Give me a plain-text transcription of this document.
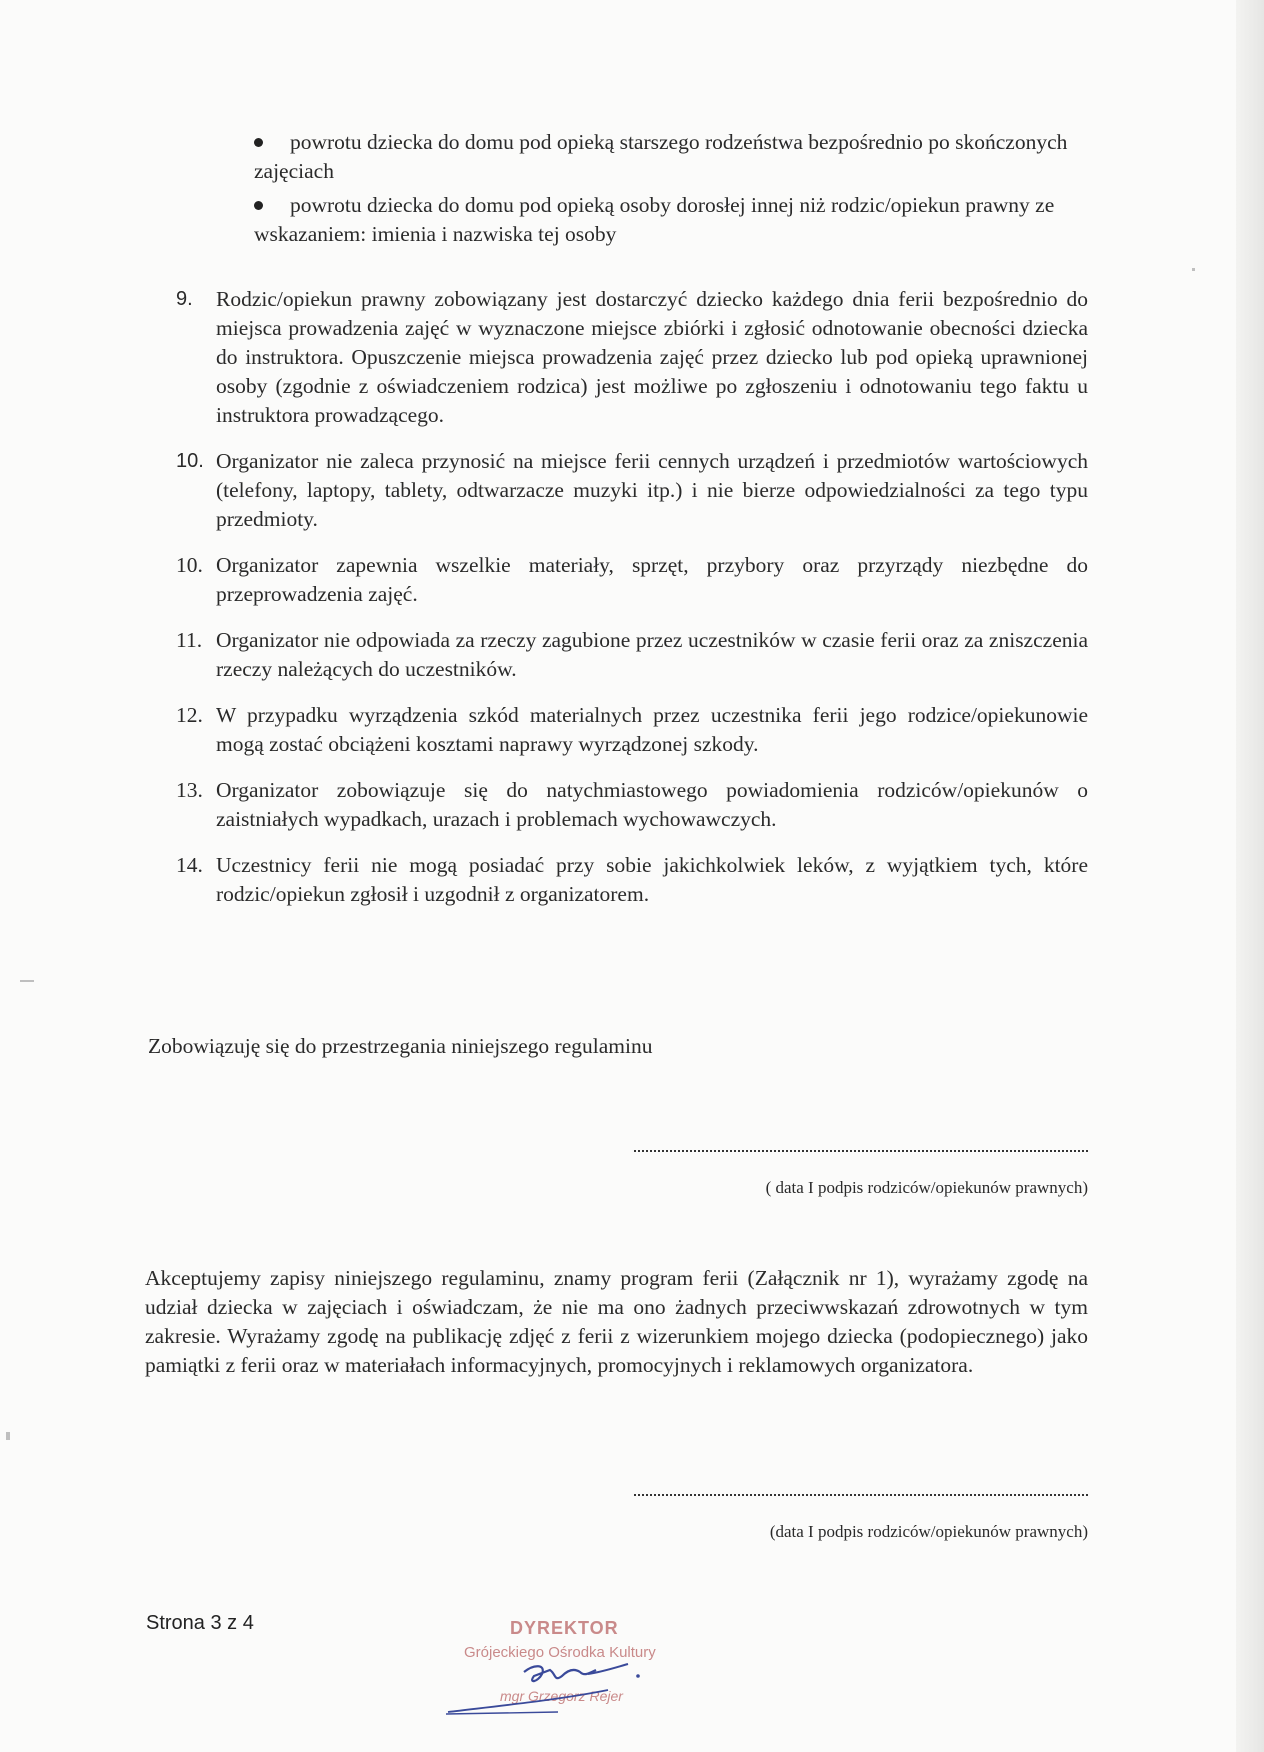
powrotu dziecka do domu pod opieką starszego rodzeństwa bezpośrednio po skończonych zajęciach
powrotu dziecka do domu pod opieką osoby dorosłej innej niż rodzic/opiekun prawny ze wskazaniem: imienia i nazwiska tej osoby
9.	Rodzic/opiekun prawny zobowiązany jest dostarczyć dziecko każdego dnia ferii bezpośrednio do miejsca prowadzenia zajęć w wyznaczone miejsce zbiórki i zgłosić odnotowanie obecności dziecka do instruktora. Opuszczenie miejsca prowadzenia zajęć przez dziecko lub pod opieką uprawnionej osoby (zgodnie z oświadczeniem rodzica) jest możliwe po zgłoszeniu i odnotowaniu tego faktu u instruktora prowadzącego.
10. Organizator nie zaleca przynosić na miejsce ferii cennych urządzeń i przedmiotów wartościowych (telefony, laptopy, tablety, odtwarzacze muzyki itp.) i nie bierze odpowiedzialności za tego typu przedmioty.
10. Organizator zapewnia wszelkie materiały, sprzęt, przybory oraz przyrządy niezbędne do przeprowadzenia zajęć.
11. Organizator nie odpowiada za rzeczy zagubione przez uczestników w czasie ferii oraz za zniszczenia rzeczy należących do uczestników.
12. W przypadku wyrządzenia szkód materialnych przez uczestnika ferii jego rodzice/opiekunowie mogą zostać obciążeni kosztami naprawy wyrządzonej szkody.
13. Organizator zobowiązuje się do natychmiastowego powiadomienia rodziców/opiekunów o zaistniałych wypadkach, urazach i problemach wychowawczych.
14. Uczestnicy ferii nie mogą posiadać przy sobie jakichkolwiek leków, z wyjątkiem tych, które rodzic/opiekun zgłosił i uzgodnił z organizatorem.
Zobowiązuję się do przestrzegania niniejszego regulaminu
( data I podpis rodziców/opiekunów prawnych)
Akceptujemy zapisy niniejszego regulaminu, znamy program ferii (Załącznik nr 1), wyrażamy zgodę na udział dziecka w zajęciach i oświadczam, że nie ma ono żadnych przeciwwskazań zdrowotnych w tym zakresie. Wyrażamy zgodę na publikację zdjęć z ferii z wizerunkiem mojego dziecka (podopiecznego) jako pamiątki z ferii oraz w materiałach informacyjnych, promocyjnych i reklamowych organizatora.
(data I podpis rodziców/opiekunów prawnych)
Strona 3 z 4	DYREKTOR
Grójeckiego Ośrodka Kultury
mgr Grzegorz Rejer
